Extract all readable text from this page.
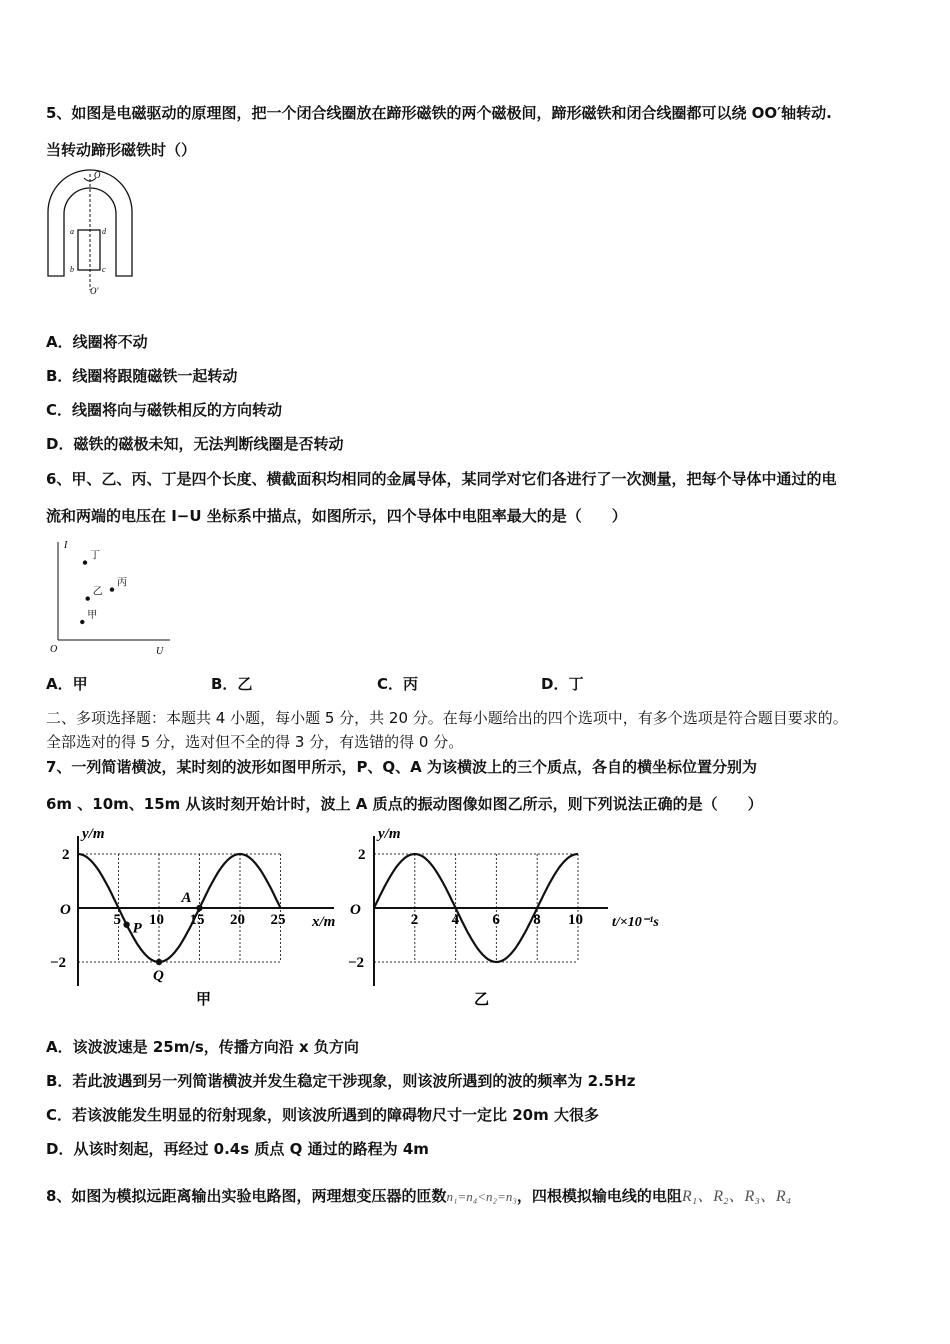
5、如图是电磁驱动的原理图，把一个闭合线圈放在蹄形磁铁的两个磁极间，蹄形磁铁和闭合线圈都可以绕 OO′轴转动.
当转动蹄形磁铁时（）
O
O′
a
b	c
d
A．线圈将不动
B．线圈将跟随磁铁一起转动
C．线圈将向与磁铁相反的方向转动
D．磁铁的磁极未知，无法判断线圈是否转动
6、甲、乙、丙、丁是四个长度、横截面积均相同的金属导体，某同学对它们各进行了一次测量，把每个导体中通过的电
流和两端的电压在 I−U 坐标系中描点，如图所示，四个导体中电阻率最大的是（　　）
I
U
O
丁
丙
乙
甲
A．甲	B．乙	C．丙	D．丁
二、多项选择题：本题共 4 小题，每小题 5 分，共 20 分。在每小题给出的四个选项中，有多个选项是符合题目要求的。
全部选对的得 5 分，选对但不全的得 3 分，有选错的得 0 分。
7、一列简谐横波，某时刻的波形如图甲所示，P、Q、A 为该横波上的三个质点，各自的横坐标位置分别为
6m 、10m、15m 从该时刻开始计时，波上 A 质点的振动图像如图乙所示，则下列说法正确的是（　　）
y/m
O
2
−2
5 10 15 20 25 x/m
P
Q
A
甲
y/m
O
2
−2
2 4 6 8 10 t/×10⁻¹s
乙
A．该波波速是 25m/s，传播方向沿 x 负方向
B．若此波遇到另一列简谐横波并发生稳定干涉现象，则该波所遇到的波的频率为 2.5Hz
C．若该波能发生明显的衍射现象，则该波所遇到的障碍物尺寸一定比 20m 大很多
D．从该时刻起，再经过 0.4s 质点 Q 通过的路程为 4m
8、如图为模拟远距离输出实验电路图，两理想变压器的匝数n₁=n₄<n₂=n₃，四根模拟输电线的电阻R₁、R₂、R₃、R₄
